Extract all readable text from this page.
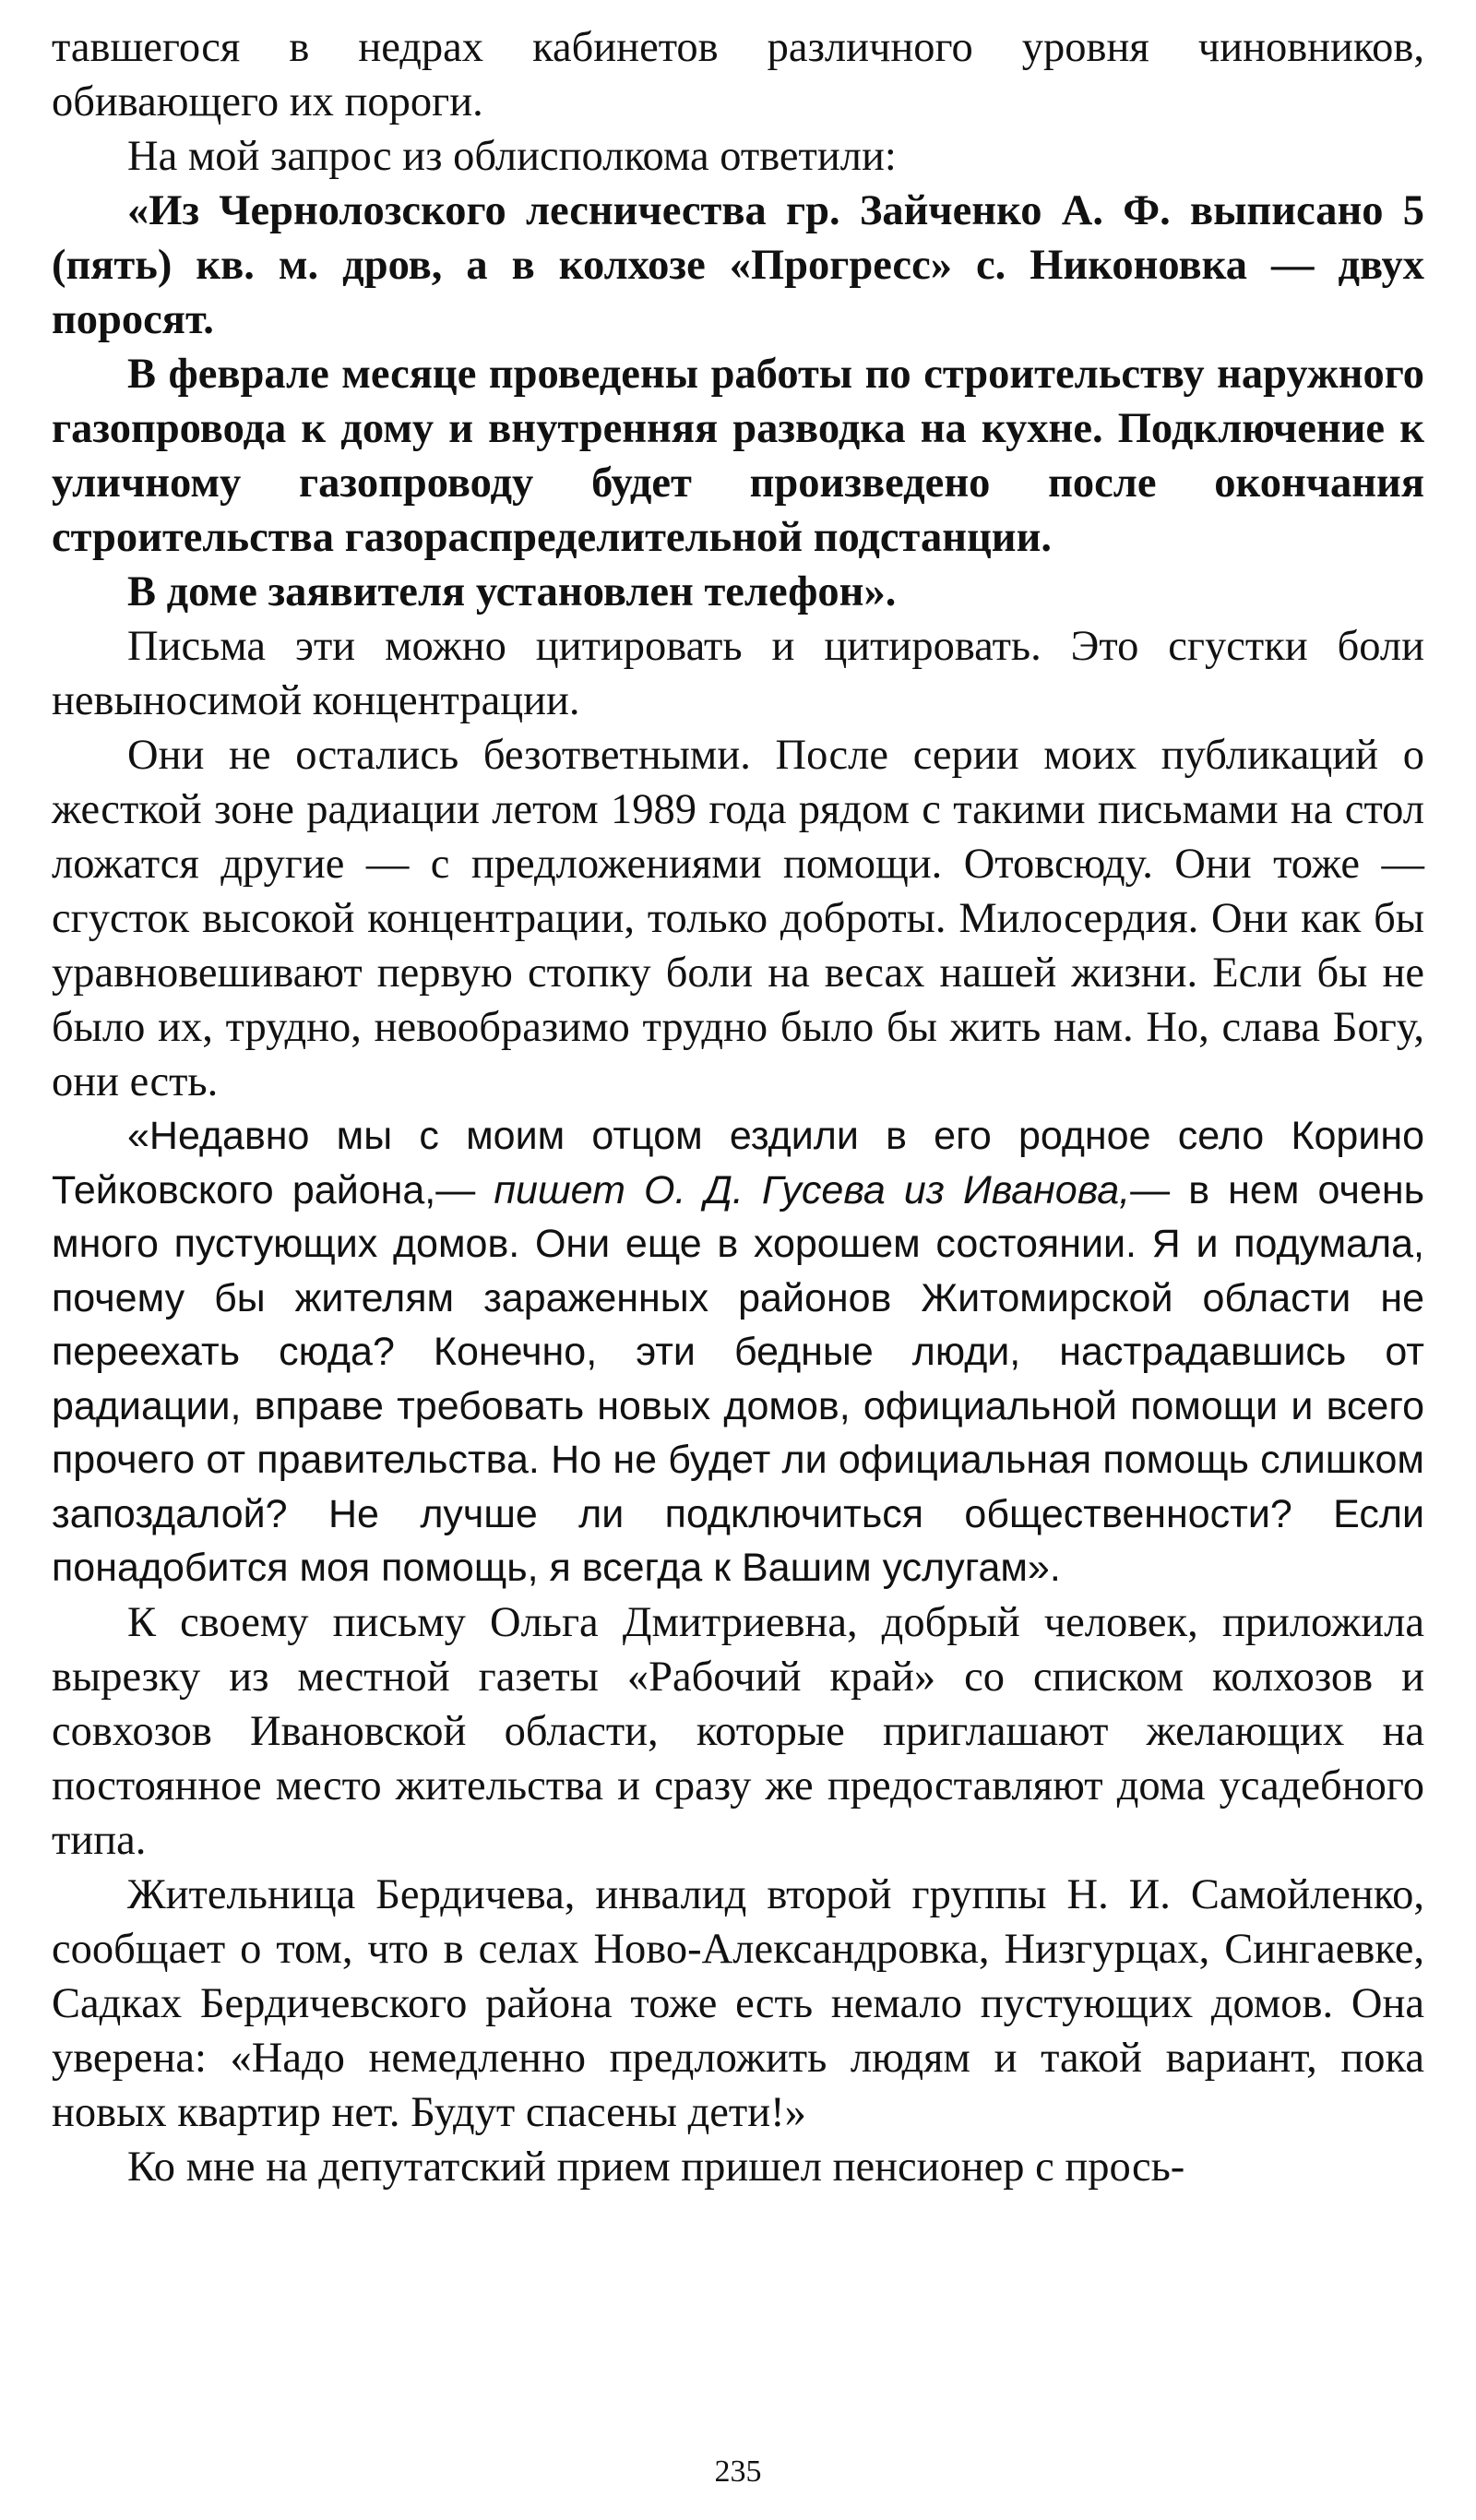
тавшегося в недрах кабинетов различного уровня чиновников, обивающего их пороги.

На мой запрос из облисполкома ответили:

«Из Чернолозского лесничества гр. Зайченко А. Ф. выписано 5 (пять) кв. м. дров, а в колхозе «Прогресс» с. Никоновка — двух поросят.

В феврале месяце проведены работы по строительству наружного газопровода к дому и внутренняя разводка на кухне. Подключение к уличному газопроводу будет произведено после окончания строительства газораспределительной подстанции.

В доме заявителя установлен телефон».

Письма эти можно цитировать и цитировать. Это сгустки боли невыносимой концентрации.

Они не остались безответными. После серии моих публикаций о жесткой зоне радиации летом 1989 года рядом с такими письмами на стол ложатся другие — с предложениями помощи. Отовсюду. Они тоже — сгусток высокой концентрации, только доброты. Милосердия. Они как бы уравновешивают первую стопку боли на весах нашей жизни. Если бы не было их, трудно, невообразимо трудно было бы жить нам. Но, слава Богу, они есть.

«Недавно мы с моим отцом ездили в его родное село Корино Тейковского района,— пишет О. Д. Гусева из Иванова,— в нем очень много пустующих домов. Они еще в хорошем состоянии. Я и подумала, почему бы жителям зараженных районов Житомирской области не переехать сюда? Конечно, эти бедные люди, настрадавшись от радиации, вправе требовать новых домов, официальной помощи и всего прочего от правительства. Но не будет ли официальная помощь слишком запоздалой? Не лучше ли подключиться общественности? Если понадобится моя помощь, я всегда к Вашим услугам».

К своему письму Ольга Дмитриевна, добрый человек, приложила вырезку из местной газеты «Рабочий край» со списком колхозов и совхозов Ивановской области, которые приглашают желающих на постоянное место жительства и сразу же предоставляют дома усадебного типа.

Жительница Бердичева, инвалид второй группы Н. И. Самойленко, сообщает о том, что в селах Ново-Александровка, Низгурцах, Сингаевке, Садках Бердичевского района тоже есть немало пустующих домов. Она уверена: «Надо немедленно предложить людям и такой вариант, пока новых квартир нет. Будут спасены дети!»

Ко мне на депутатский прием пришел пенсионер с прось-

235
